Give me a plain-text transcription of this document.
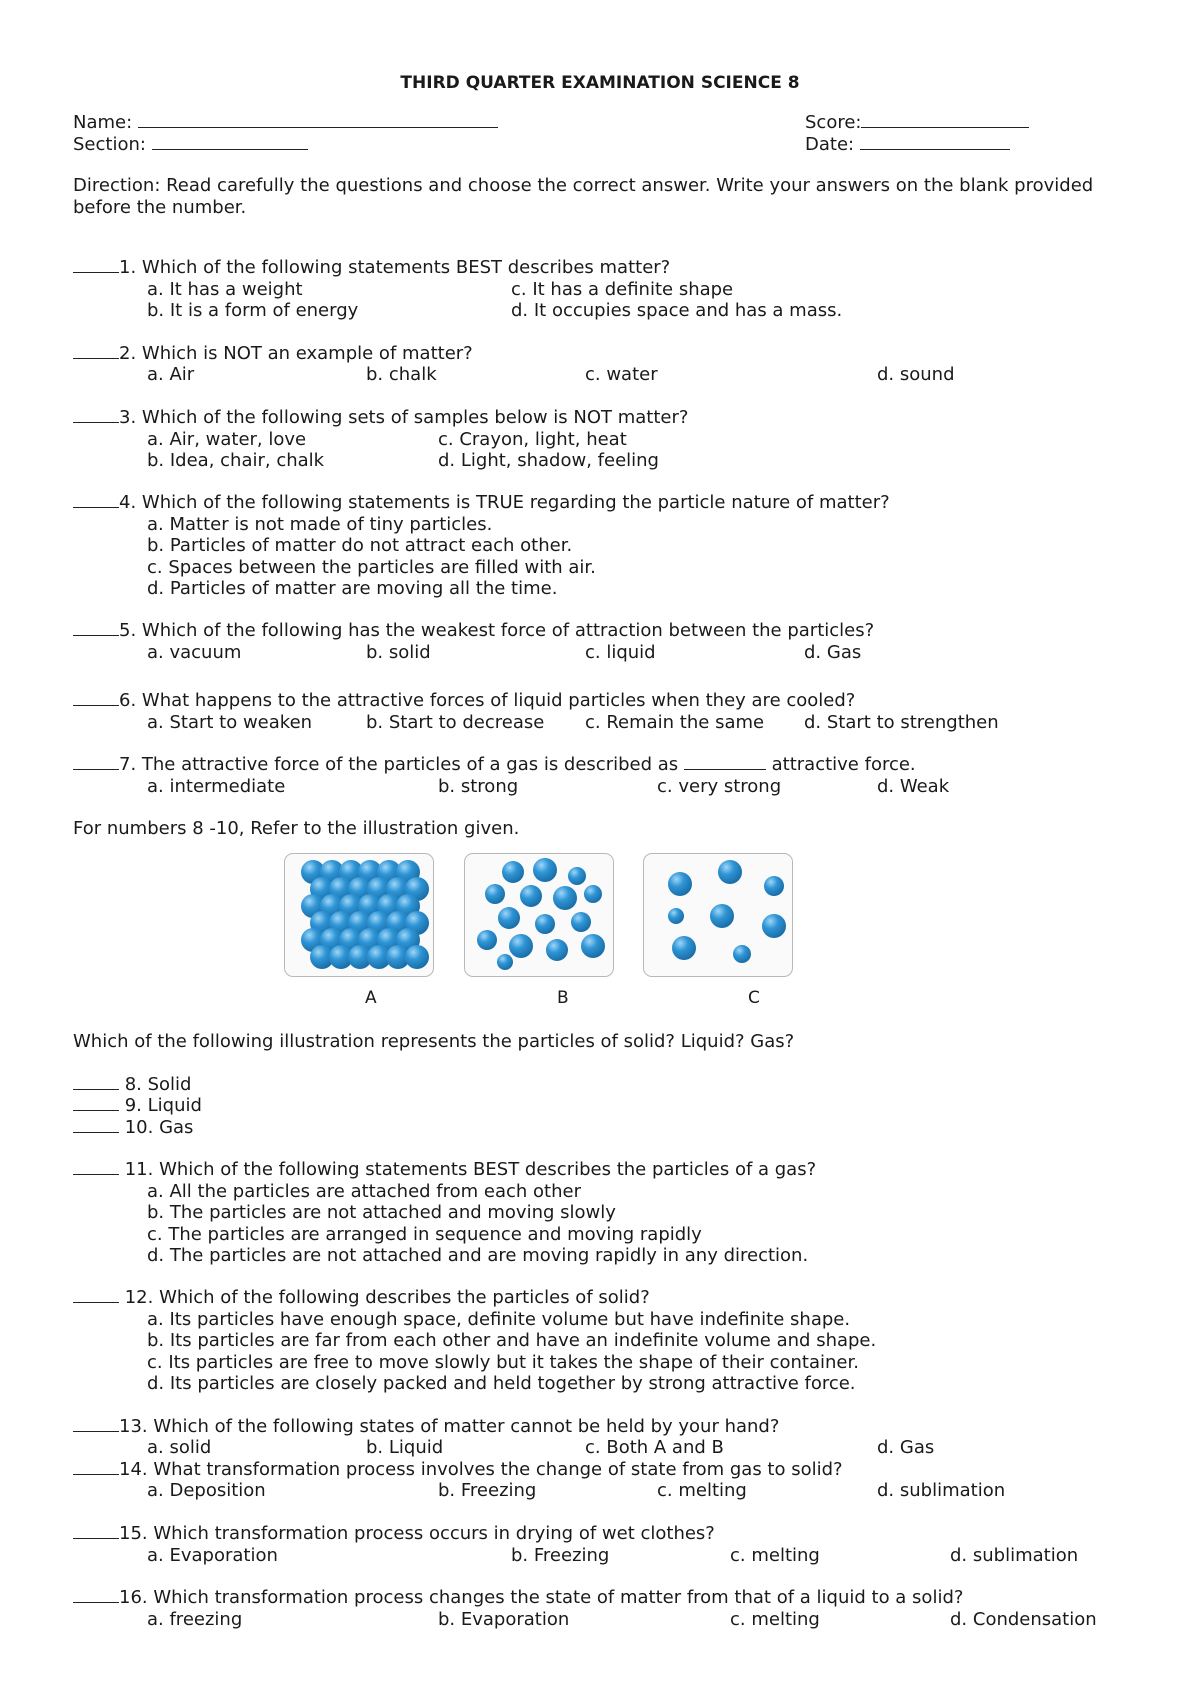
THIRD QUARTER EXAMINATION SCIENCE 8
Name:
Section:
Score:
Date:
Direction: Read carefully the questions and choose the correct answer. Write your answers on the blank provided
before the number.
1. Which of the following statements BEST describes matter?
a. It has a weight	c. It has a definite shape
b. It is a form of energy	d. It occupies space and has a mass.
2. Which is NOT an example of matter?
a. Air	b. chalk	c. water	d. sound
3. Which of the following sets of samples below is NOT matter?
a. Air, water, love	c. Crayon, light, heat
b. Idea, chair, chalk	d. Light, shadow, feeling
4. Which of the following statements is TRUE regarding the particle nature of matter?
a. Matter is not made of tiny particles.
b. Particles of matter do not attract each other.
c. Spaces between the particles are filled with air.
d. Particles of matter are moving all the time.
5. Which of the following has the weakest force of attraction between the particles?
a. vacuum	b. solid	c. liquid	d. Gas
6. What happens to the attractive forces of liquid particles when they are cooled?
a. Start to weaken	b. Start to decrease c. Remain the same d. Start to strengthen
7. The attractive force of the particles of a gas is described as	attractive force.
a. intermediate	b. strong	c. very strong	d. Weak
For numbers 8 -10, Refer to the illustration given.
A	B	C
Which of the following illustration represents the particles of solid? Liquid? Gas?
8. Solid
9. Liquid
10. Gas
11. Which of the following statements BEST describes the particles of a gas?
a. All the particles are attached from each other
b. The particles are not attached and moving slowly
c. The particles are arranged in sequence and moving rapidly
d. The particles are not attached and are moving rapidly in any direction.
12. Which of the following describes the particles of solid?
a. Its particles have enough space, definite volume but have indefinite shape.
b. Its particles are far from each other and have an indefinite volume and shape.
c. Its particles are free to move slowly but it takes the shape of their container.
d. Its particles are closely packed and held together by strong attractive force.
13. Which of the following states of matter cannot be held by your hand?
a. solid	b. Liquid	c. Both A and B	d. Gas
14. What transformation process involves the change of state from gas to solid?
a. Deposition	b. Freezing	c. melting	d. sublimation
15. Which transformation process occurs in drying of wet clothes?
a. Evaporation	b. Freezing	c. melting	d. sublimation
16. Which transformation process changes the state of matter from that of a liquid to a solid?
a. freezing	b. Evaporation	c. melting	d. Condensation
